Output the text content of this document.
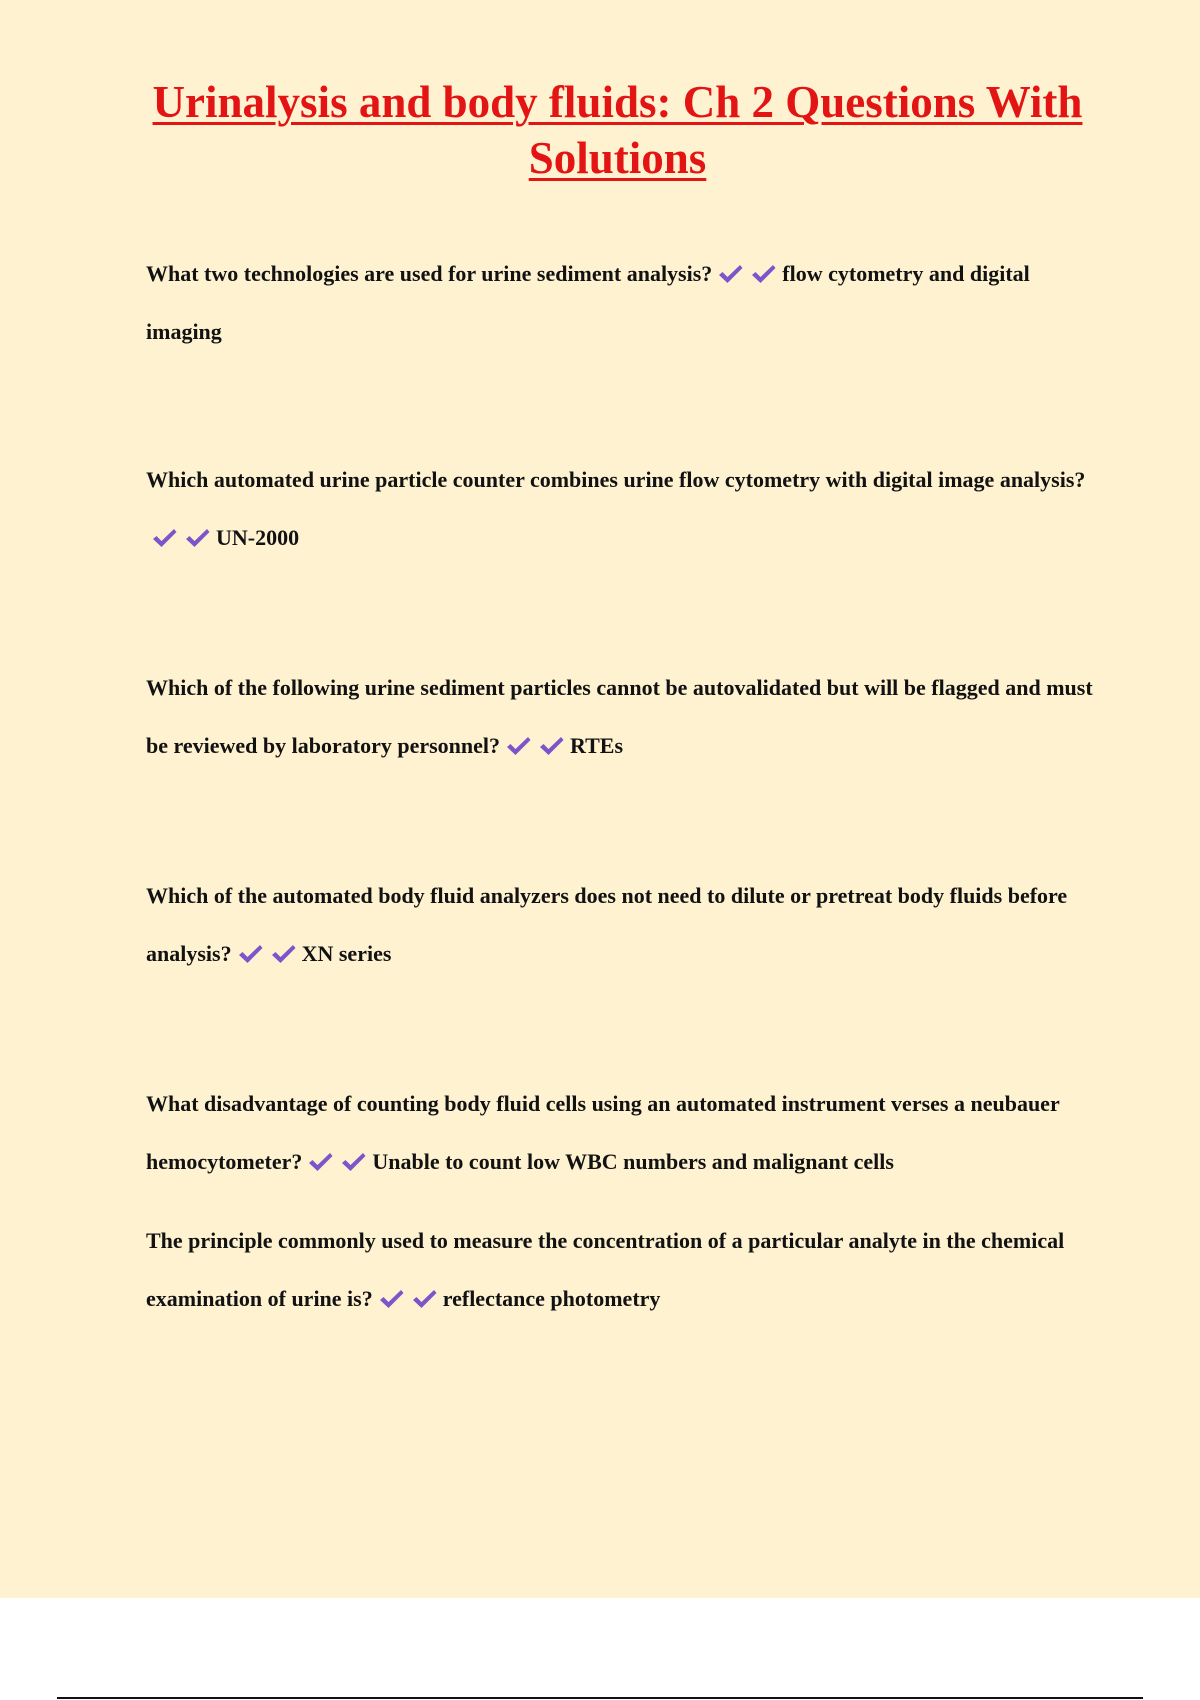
Urinalysis and body fluids: Ch 2 Questions With Solutions

What two technologies are used for urine sediment analysis?	flow cytometry and digital imaging

Which automated urine particle counter combines urine flow cytometry with digital image analysis?UN-2000

Which of the following urine sediment particles cannot be autovalidated but will be flagged and must be reviewed by laboratory personnel?	RTEs

Which of the automated body fluid analyzers does not need to dilute or pretreat body fluids before analysis?	XN series

What disadvantage of counting body fluid cells using an automated instrument verses a neubauer hemocytometer?	Unable to count low WBC numbers and malignant cells

The principle commonly used to measure the concentration of a particular analyte in the chemical examination of urine is?	reflectance photometry
